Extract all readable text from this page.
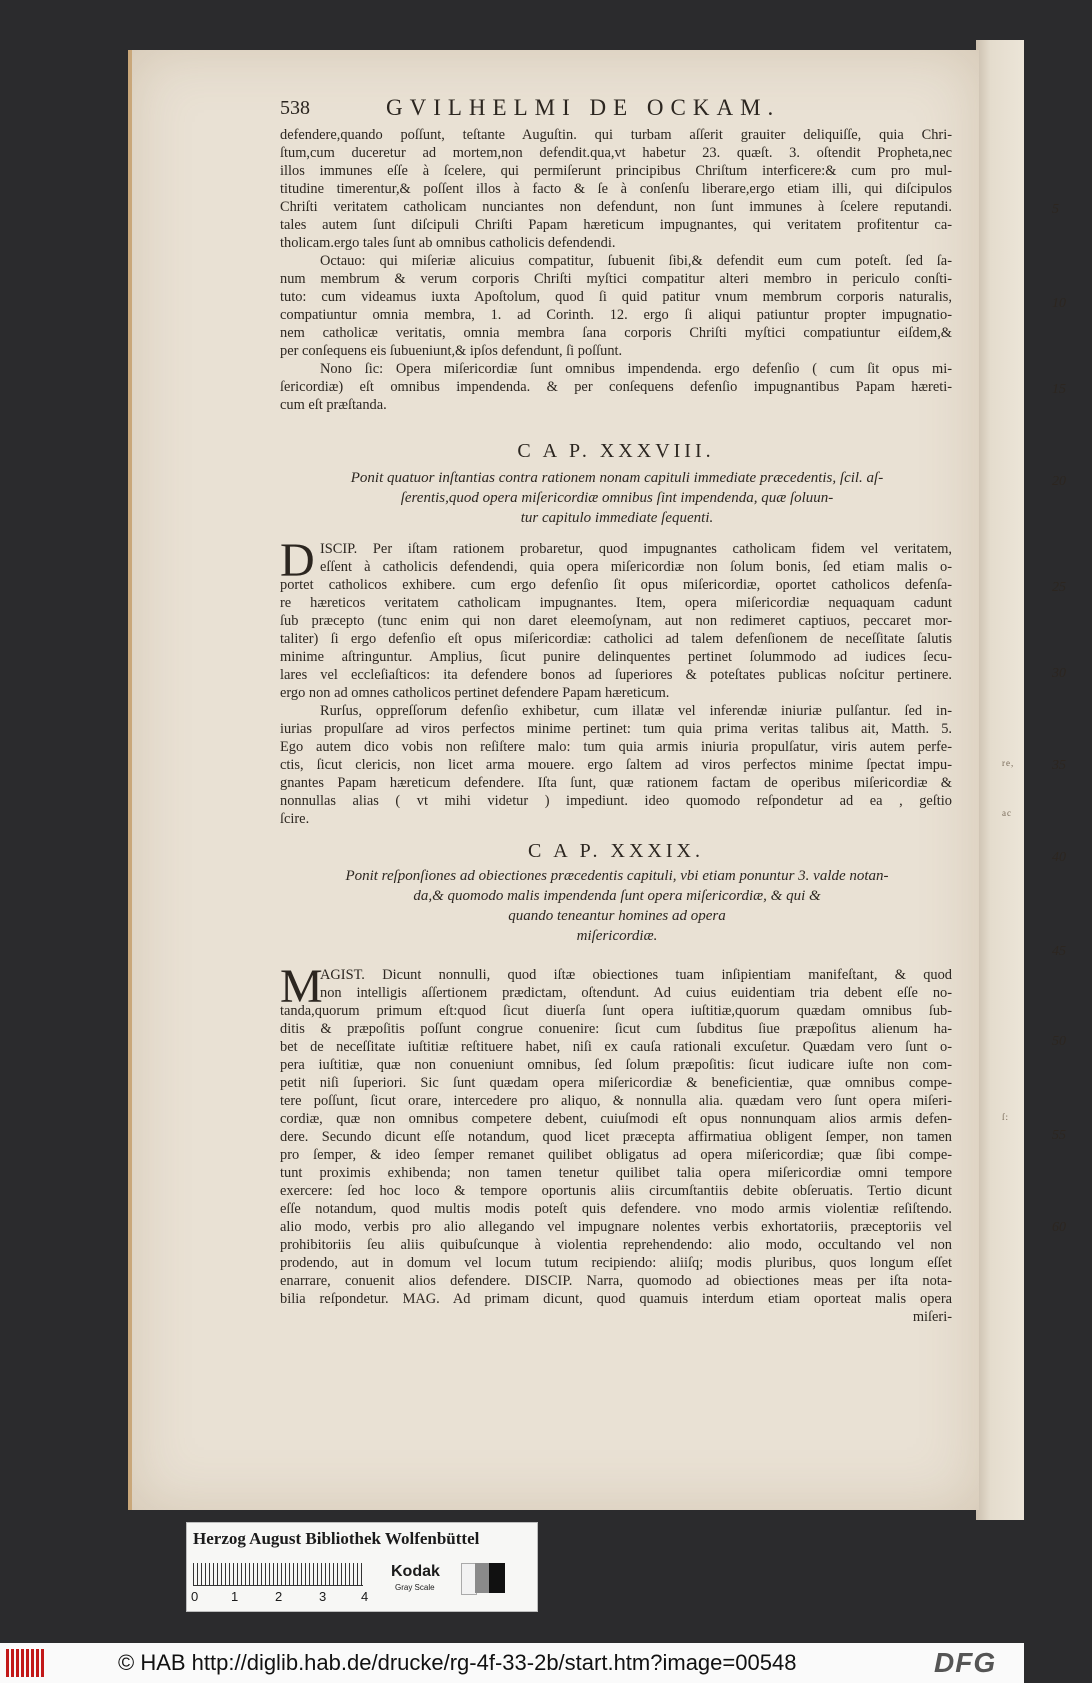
re,
ac
ſ:
538	GVILHELMI DE OCKAM.
defendere,quando poſſunt, teſtante Auguſtin. qui turbam aſſerit grauiter deliquiſſe, quia Chri-
ſtum,cum duceretur ad mortem,non defendit.qua,vt habetur 23. quæſt. 3. oſtendit Propheta,nec
illos immunes eſſe à ſcelere, qui permiſerunt principibus Chriſtum interficere:& cum pro mul-
titudine timerentur,& poſſent illos à facto & ſe à conſenſu liberare,ergo etiam illi, qui diſcipulos
Chriſti veritatem catholicam nunciantes non defendunt, non ſunt immunes à ſcelere reputandi.
tales autem ſunt diſcipuli Chriſti Papam hæreticum impugnantes, qui veritatem profitentur ca-
tholicam.ergo tales ſunt ab omnibus catholicis defendendi.
Octauo: qui miſeriæ alicuius compatitur, ſubuenit ſibi,& defendit eum cum poteſt. ſed ſa-
num membrum & verum corporis Chriſti myſtici compatitur alteri membro in periculo conſti-
tuto: cum videamus iuxta Apoſtolum, quod ſi quid patitur vnum membrum corporis naturalis,
compatiuntur omnia membra, 1. ad Corinth. 12. ergo ſi aliqui patiuntur propter impugnatio-
nem catholicæ veritatis, omnia membra ſana corporis Chriſti myſtici compatiuntur eiſdem,&
per conſequens eis ſubueniunt,& ipſos defendunt, ſi poſſunt.
Nono ſic: Opera miſericordiæ ſunt omnibus impendenda. ergo defenſio ( cum ſit opus mi-
ſericordiæ) eſt omnibus impendenda. & per conſequens defenſio impugnantibus Papam hæreti-
cum eſt præſtanda.
C A P. XXXVIII.
Ponit quatuor inſtantias contra rationem nonam capituli immediate præcedentis, ſcil. aſ-
ſerentis,quod opera miſericordiæ omnibus ſint impendenda, quæ ſoluun-
tur capitulo immediate ſequenti.
D ISCIP. Per iſtam rationem probaretur, quod impugnantes catholicam fidem vel veritatem,
eſſent à catholicis defendendi, quia opera miſericordiæ non ſolum bonis, ſed etiam malis o-
portet catholicos exhibere. cum ergo defenſio ſit opus miſericordiæ, oportet catholicos defenſa-
re hæreticos veritatem catholicam impugnantes. Item, opera miſericordiæ nequaquam cadunt
ſub præcepto (tunc enim qui non daret eleemoſynam, aut non redimeret captiuos, peccaret mor-
taliter) ſi ergo defenſio eſt opus miſericordiæ: catholici ad talem defenſionem de neceſſitate ſalutis
minime aſtringuntur. Amplius, ſicut punire delinquentes pertinet ſolummodo ad iudices ſecu-
lares vel eccleſiaſticos: ita defendere bonos ad ſuperiores & poteſtates publicas noſcitur pertinere.
ergo non ad omnes catholicos pertinet defendere Papam hæreticum.
Rurſus, oppreſſorum defenſio exhibetur, cum illatæ vel inferendæ iniuriæ pulſantur. ſed in-
iurias propulſare ad viros perfectos minime pertinet: tum quia prima veritas talibus ait, Matth. 5.
Ego autem dico vobis non reſiſtere malo: tum quia armis iniuria propulſatur, viris autem perfe-
ctis, ſicut clericis, non licet arma mouere. ergo ſaltem ad viros perfectos minime ſpectat impu-
gnantes Papam hæreticum defendere. Iſta ſunt, quæ rationem factam de operibus miſericordiæ &
nonnullas alias ( vt mihi videtur ) impediunt. ideo quomodo reſpondetur ad ea , geſtio
ſcire.
C A P. XXXIX.
Ponit reſponſiones ad obiectiones præcedentis capituli, vbi etiam ponuntur 3. valde notan-
da,& quomodo malis impendenda ſunt opera miſericordiæ, & qui &
quando teneantur homines ad opera
miſericordiæ.
M
AGIST. Dicunt nonnulli, quod iſtæ obiectiones tuam inſipientiam manifeſtant, & quod
non intelligis aſſertionem prædictam, oſtendunt. Ad cuius euidentiam tria debent eſſe no-
tanda,quorum primum eſt:quod ſicut diuerſa ſunt opera iuſtitiæ,quorum quædam omnibus ſub-
ditis & præpoſitis poſſunt congrue conuenire: ſicut cum ſubditus ſiue præpoſitus alienum ha-
bet de neceſſitate iuſtitiæ reſtituere habet, niſi ex cauſa rationali excuſetur. Quædam vero ſunt o-
pera iuſtitiæ, quæ non conueniunt omnibus, ſed ſolum præpoſitis: ſicut iudicare iuſte non com-
petit niſi ſuperiori. Sic ſunt quædam opera miſericordiæ & beneficientiæ, quæ omnibus compe-
tere poſſunt, ſicut orare, intercedere pro aliquo, & nonnulla alia. quædam vero ſunt opera miſeri-
cordiæ, quæ non omnibus competere debent, cuiuſmodi eſt opus nonnunquam alios armis defen-
dere. Secundo dicunt eſſe notandum, quod licet præcepta affirmatiua obligent ſemper, non tamen
pro ſemper, & ideo ſemper remanet quilibet obligatus ad opera miſericordiæ; quæ ſibi compe-
tunt proximis exhibenda; non tamen tenetur quilibet talia opera miſericordiæ omni tempore
exercere: ſed hoc loco & tempore oportunis aliis circumſtantiis debite obſeruatis. Tertio dicunt
eſſe notandum, quod multis modis poteſt quis defendere. vno modo armis violentiæ reſiſtendo.
alio modo, verbis pro alio allegando vel impugnare nolentes verbis exhortatoriis, præceptoriis vel
prohibitoriis ſeu aliis quibuſcunque à violentia reprehendendo: alio modo, occultando vel non
prodendo, aut in domum vel locum tutum recipiendo: aliiſq; modis pluribus, quos longum eſſet
enarrare, conuenit alios defendere. DISCIP. Narra, quomodo ad obiectiones meas per iſta nota-
bilia reſpondetur. MAG. Ad primam dicunt, quod quamuis interdum etiam oporteat malis opera
miſeri-
5
10
15
20
25
30
35
40
45
50
55
60
Herzog August Bibliothek Wolfenbüttel
0	1	2	3	4
Kodak
Gray Scale
© HAB http://diglib.hab.de/drucke/rg-4f-33-2b/start.htm?image=00548	DFG
